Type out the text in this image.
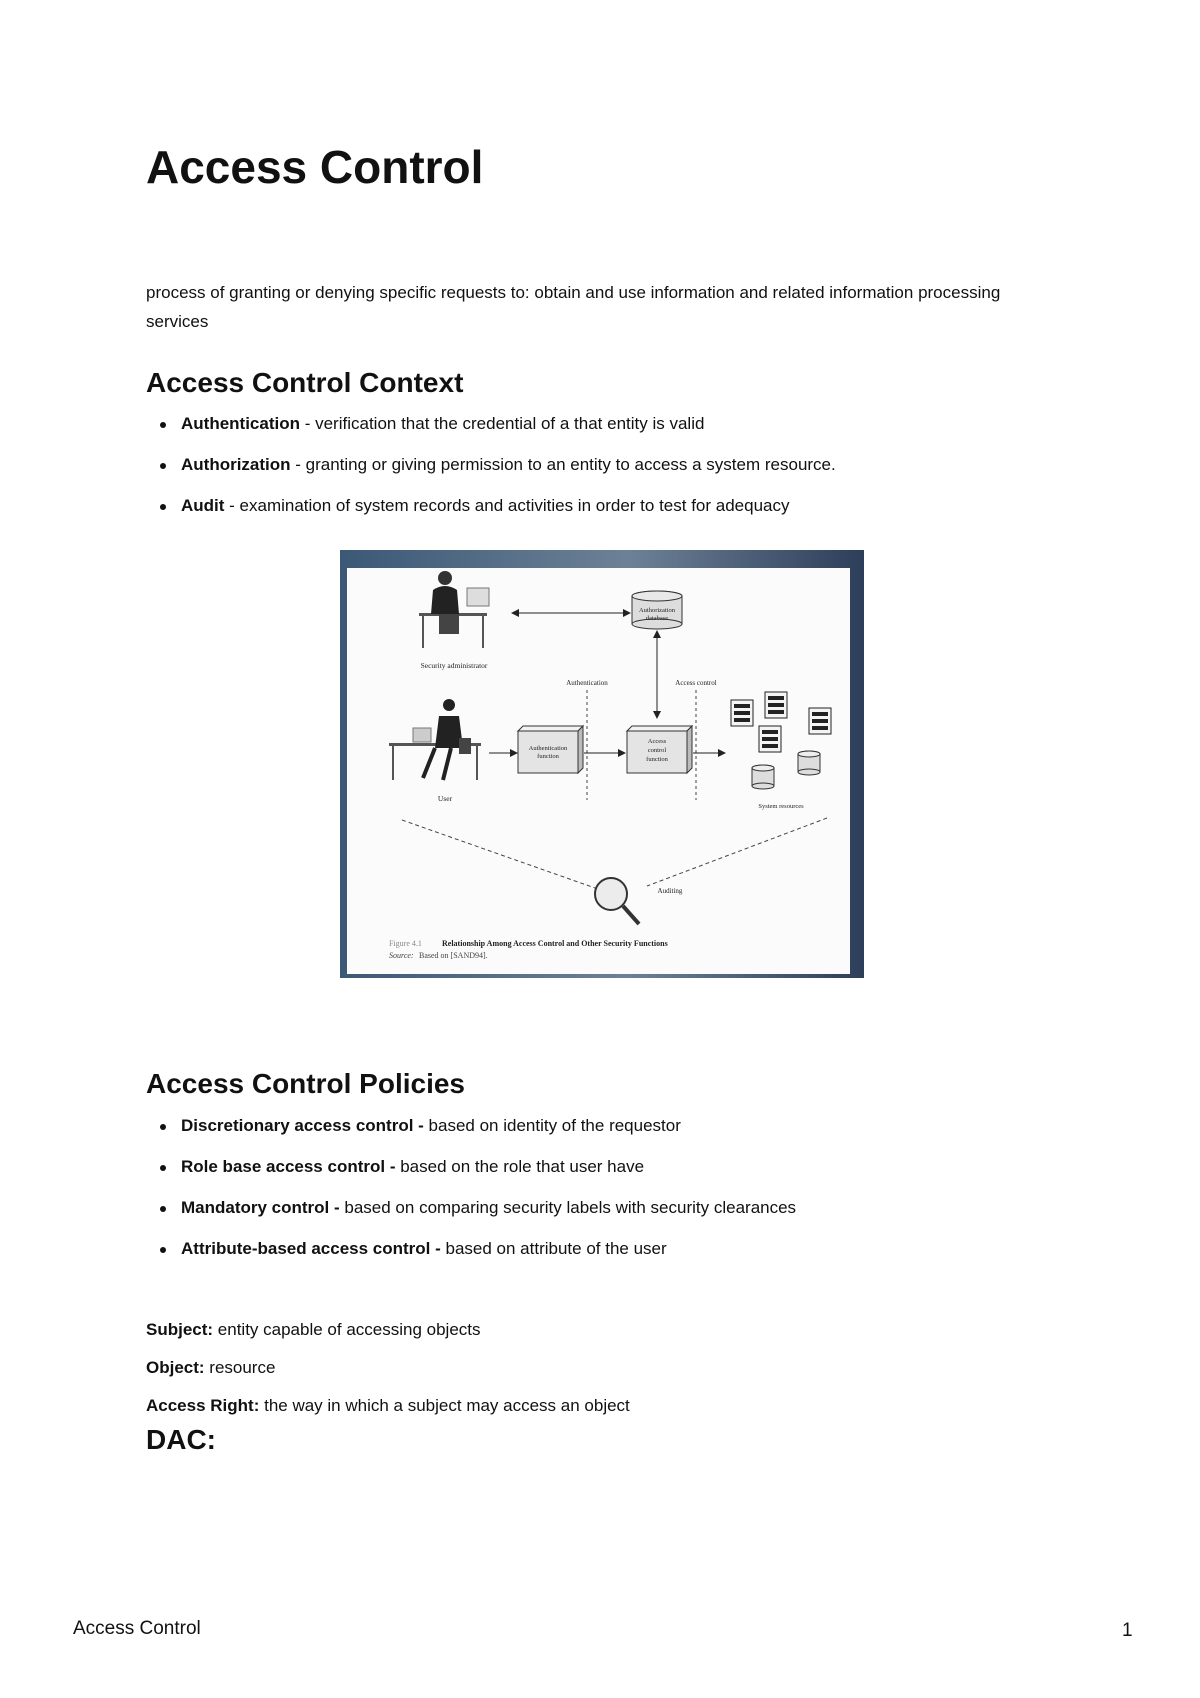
Access Control

process of granting or denying specific requests to: obtain and use information and related information processing services

Access Control Context
Authentication - verification that the credential of a that entity is valid
Authorization - granting or giving permission to an entity to access a system resource.
Audit - examination of system records and activities in order to test for adequacy
Access Control Policies
Discretionary access control - based on identity of the requestor
Role base access control - based on the role that user have
Mandatory control - based on comparing security labels with security clearances
Attribute-based access control - based on attribute of the user

Subject: entity capable of accessing objects

Object: resource

Access Right: the way in which a subject may access an object

DAC:
Security administrator
Authorization
database
Authentication	Access control
User
Authentication
function
Access
control
function
System resources
Auditing
Figure 4.1	Relationship Among Access Control and Other Security Functions
Source: Based on [SAND94].
Access Control	1
